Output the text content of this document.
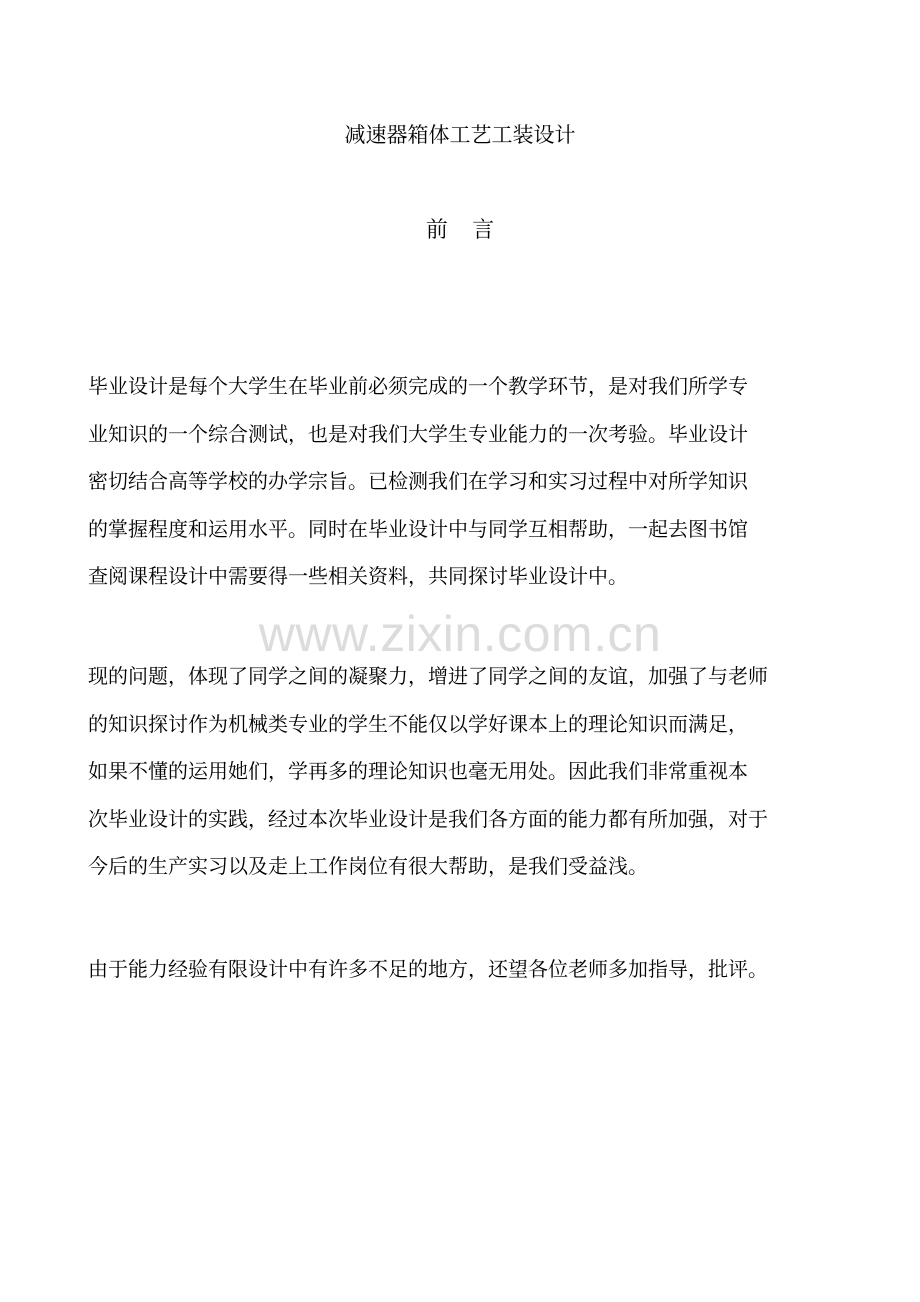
减速器箱体工艺工装设计
前言
毕业设计是每个大学生在毕业前必须完成的一个教学环节，是对我们所学专
业知识的一个综合测试，也是对我们大学生专业能力的一次考验。毕业设计
密切结合高等学校的办学宗旨。已检测我们在学习和实习过程中对所学知识
的掌握程度和运用水平。同时在毕业设计中与同学互相帮助，一起去图书馆
查阅课程设计中需要得一些相关资料，共同探讨毕业设计中。
www.zixin.com.cn
现的问题，体现了同学之间的凝聚力，增进了同学之间的友谊，加强了与老师
的知识探讨作为机械类专业的学生不能仅以学好课本上的理论知识而满足，
如果不懂的运用她们，学再多的理论知识也毫无用处。因此我们非常重视本
次毕业设计的实践，经过本次毕业设计是我们各方面的能力都有所加强，对于
今后的生产实习以及走上工作岗位有很大帮助，是我们受益浅。
由于能力经验有限设计中有许多不足的地方，还望各位老师多加指导，批评。
